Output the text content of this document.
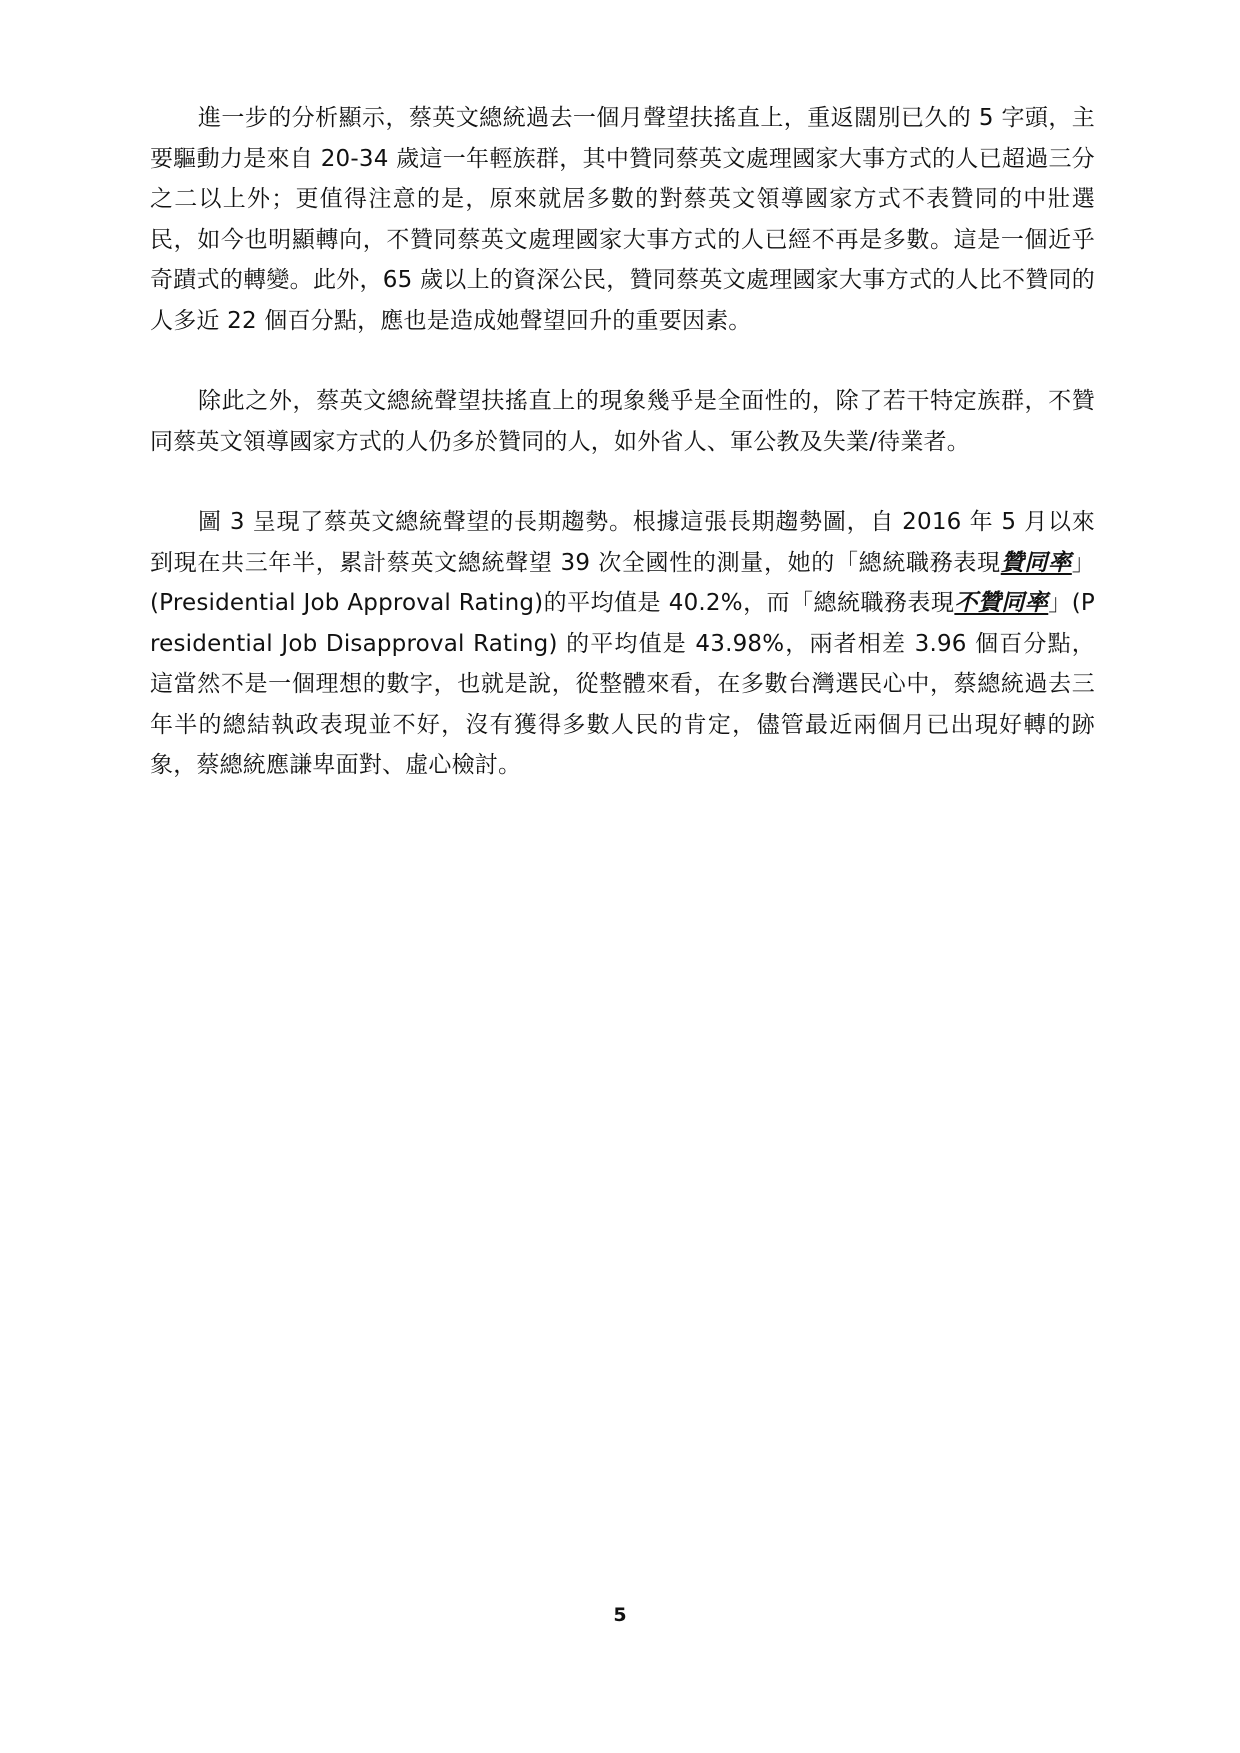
進一步的分析顯示，蔡英文總統過去一個月聲望扶搖直上，重返闊別已久的 5 字頭，主要驅動力是來自 20-34 歲這一年輕族群，其中贊同蔡英文處理國家大事方式的人已超過三分之二以上外；更值得注意的是，原來就居多數的對蔡英文領導國家方式不表贊同的中壯選民，如今也明顯轉向，不贊同蔡英文處理國家大事方式的人已經不再是多數。這是一個近乎奇蹟式的轉變。此外，65 歲以上的資深公民，贊同蔡英文處理國家大事方式的人比不贊同的人多近 22 個百分點，應也是造成她聲望回升的重要因素。

除此之外，蔡英文總統聲望扶搖直上的現象幾乎是全面性的，除了若干特定族群，不贊同蔡英文領導國家方式的人仍多於贊同的人，如外省人、軍公教及失業/待業者。

圖 3 呈現了蔡英文總統聲望的長期趨勢。根據這張長期趨勢圖，自 2016 年 5 月以來到現在共三年半，累計蔡英文總統聲望 39 次全國性的測量，她的「總統職務表現贊同率」(Presidential Job Approval Rating)的平均值是 40.2%，而「總統職務表現不贊同率」(Presidential Job Disapproval Rating) 的平均值是 43.98%，兩者相差 3.96 個百分點，這當然不是一個理想的數字，也就是說，從整體來看，在多數台灣選民心中，蔡總統過去三年半的總結執政表現並不好，沒有獲得多數人民的肯定，儘管最近兩個月已出現好轉的跡象，蔡總統應謙卑面對、虛心檢討。

5
